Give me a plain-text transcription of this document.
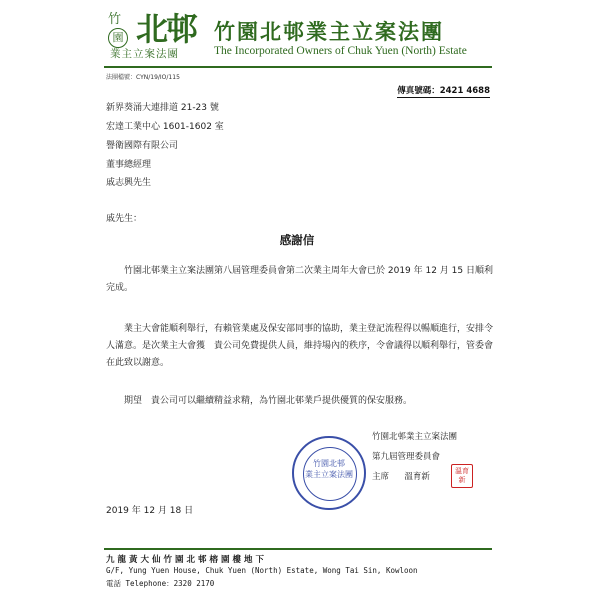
竹
園 北邨
業主立案法團
竹園北邨業主立案法團
The Incorporated Owners of Chuk Yuen (North) Estate
法團檔號：CYN/19/IO/115
傳真號碼：2421 4688
新界葵涌大連排道 21-23 號
宏達工業中心 1601-1602 室
譽衛國際有限公司
董事總經理
戚志興先生
戚先生：
感謝信
竹園北邨業主立案法團第八屆管理委員會第二次業主周年大會已於 2019 年 12 月 15 日順利完成。
業主大會能順利舉行，有賴管業處及保安部同事的協助，業主登記流程得以暢順進行，安排令人滿意。是次業主大會獲　貴公司免費提供人員，維持場內的秩序，令會議得以順利舉行，管委會在此致以謝意。
期望　貴公司可以繼續精益求精，為竹園北邨業戶提供優質的保安服務。
竹園北邨
業主立案法團
竹園北邨業主立案法團
第九屆管理委員會
主席 溫育新
溫育新
2019 年 12 月 18 日
九龍黃大仙竹園北邨榕園樓地下
G/F, Yung Yuen House, Chuk Yuen (North) Estate, Wong Tai Sin, Kowloon
電話 Telephone：2320 2170
